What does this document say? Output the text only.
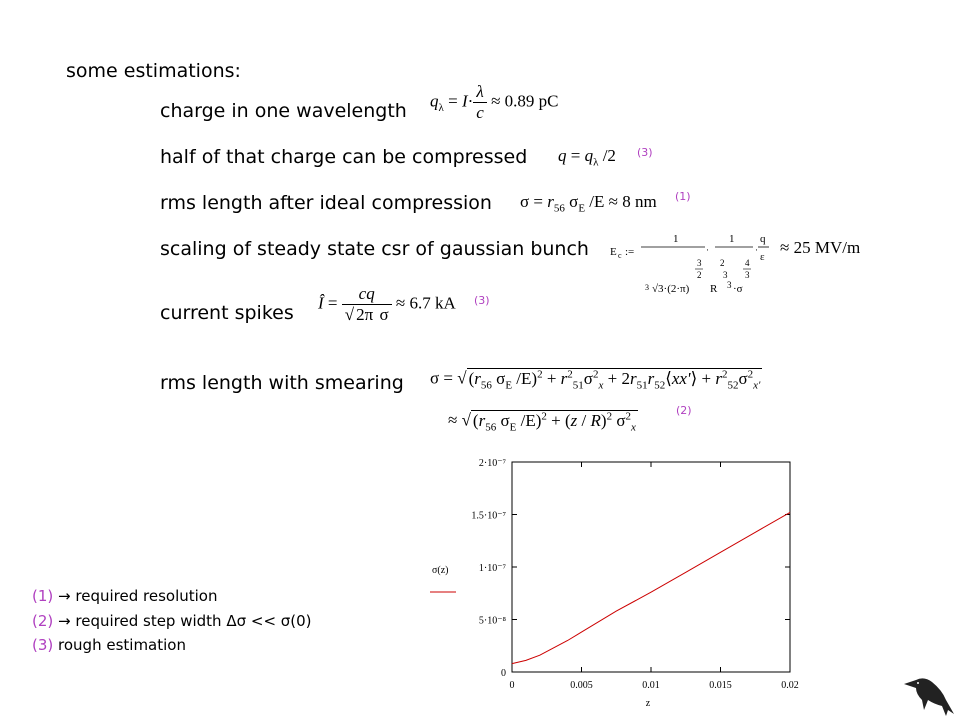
some estimations:
charge in one wavelength $q_\lambda = I\cdot \frac{\lambda}{c} \approx 0.89$ pC
half of that charge can be compressed $q = q_\lambda$ /2 (3)
rms length after ideal compression $\sigma = r_{56}$ $\sigma_E$ /E ≈ 8 nm (1)
scaling of steady state csr of gaussian bunch E c :=
1
3
2
3 √3·(2·π)
·
1
2
3
R 3 ·σ
4
3
·
q
ε ≈ 25 MV/m
current spikes Î = $\frac{cq}{\text{√ 2π σ}} \approx 6.7$ kA (3)
rms length with smearing σ = √ ($r_{56}$ $\sigma_E$ $/E)^2 + r^2_{51}\sigma^2_x$ + $2r_{51}r_{52}⟨xx'⟩ + r^2_{52}\sigma^2_{x'}$
≈ √ ($r_{56}$ $\sigma_E$ /E)$^2$ + (z / R)$^2$ $\sigma^2_x$
(2)
0
5·10⁻⁸
1·10⁻⁷
1.5·10⁻⁷
2·10⁻⁷
0	0.005	0.01	0.015	0.02
σ(z)
z
(1) → required resolution
(2) → required step width Δσ << σ(0)
(3) rough estimation
